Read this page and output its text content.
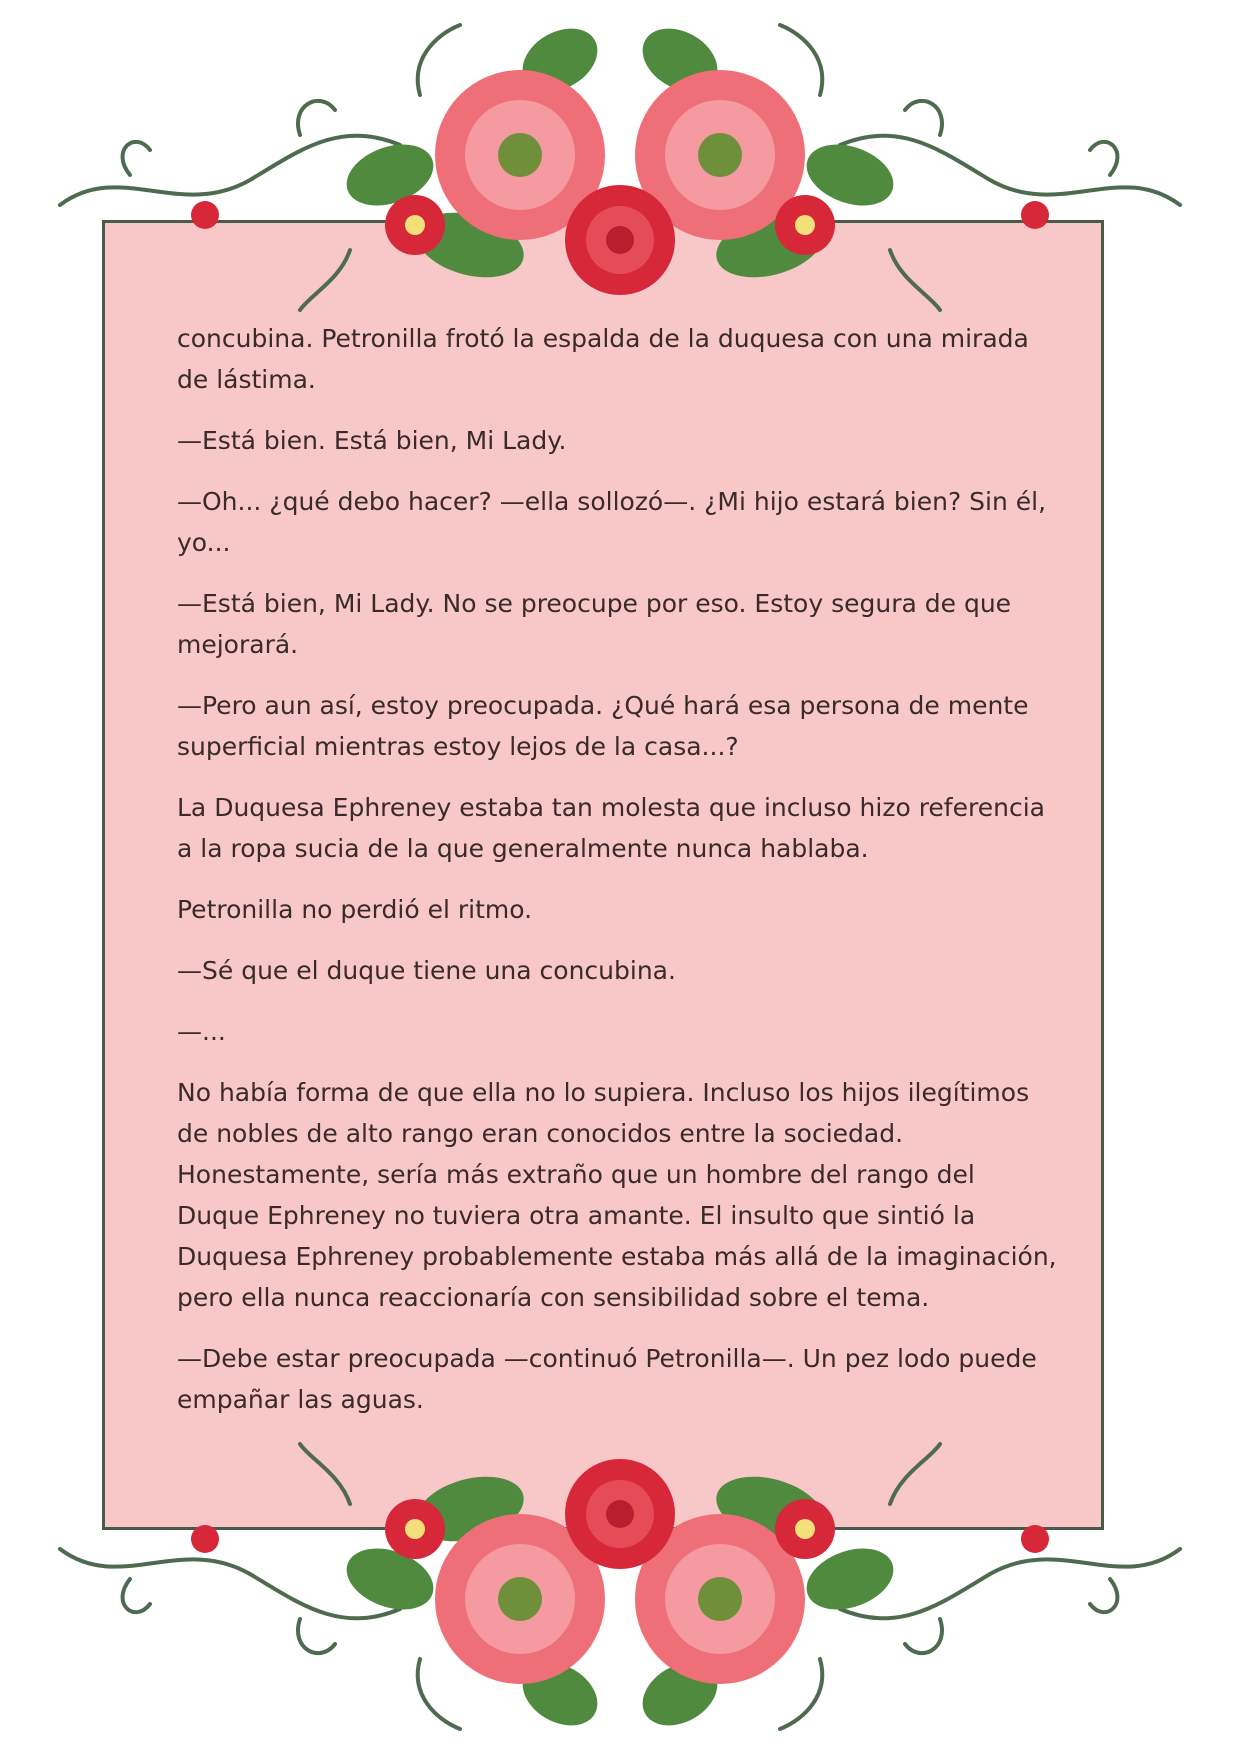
concubina. Petronilla frotó la espalda de la duquesa con una mirada de lástima.

—Está bien. Está bien, Mi Lady.

—Oh... ¿qué debo hacer? —ella sollozó—. ¿Mi hijo estará bien? Sin él, yo...

—Está bien, Mi Lady. No se preocupe por eso. Estoy segura de que mejorará.

—Pero aun así, estoy preocupada. ¿Qué hará esa persona de mente superficial mientras estoy lejos de la casa...?

La Duquesa Ephreney estaba tan molesta que incluso hizo referencia a la ropa sucia de la que generalmente nunca hablaba.

Petronilla no perdió el ritmo.

—Sé que el duque tiene una concubina.

—...

No había forma de que ella no lo supiera. Incluso los hijos ilegítimos de nobles de alto rango eran conocidos entre la sociedad. Honestamente, sería más extraño que un hombre del rango del Duque Ephreney no tuviera otra amante. El insulto que sintió la Duquesa Ephreney probablemente estaba más allá de la imaginación, pero ella nunca reaccionaría con sensibilidad sobre el tema.

—Debe estar preocupada —continuó Petronilla—. Un pez lodo puede empañar las aguas.
